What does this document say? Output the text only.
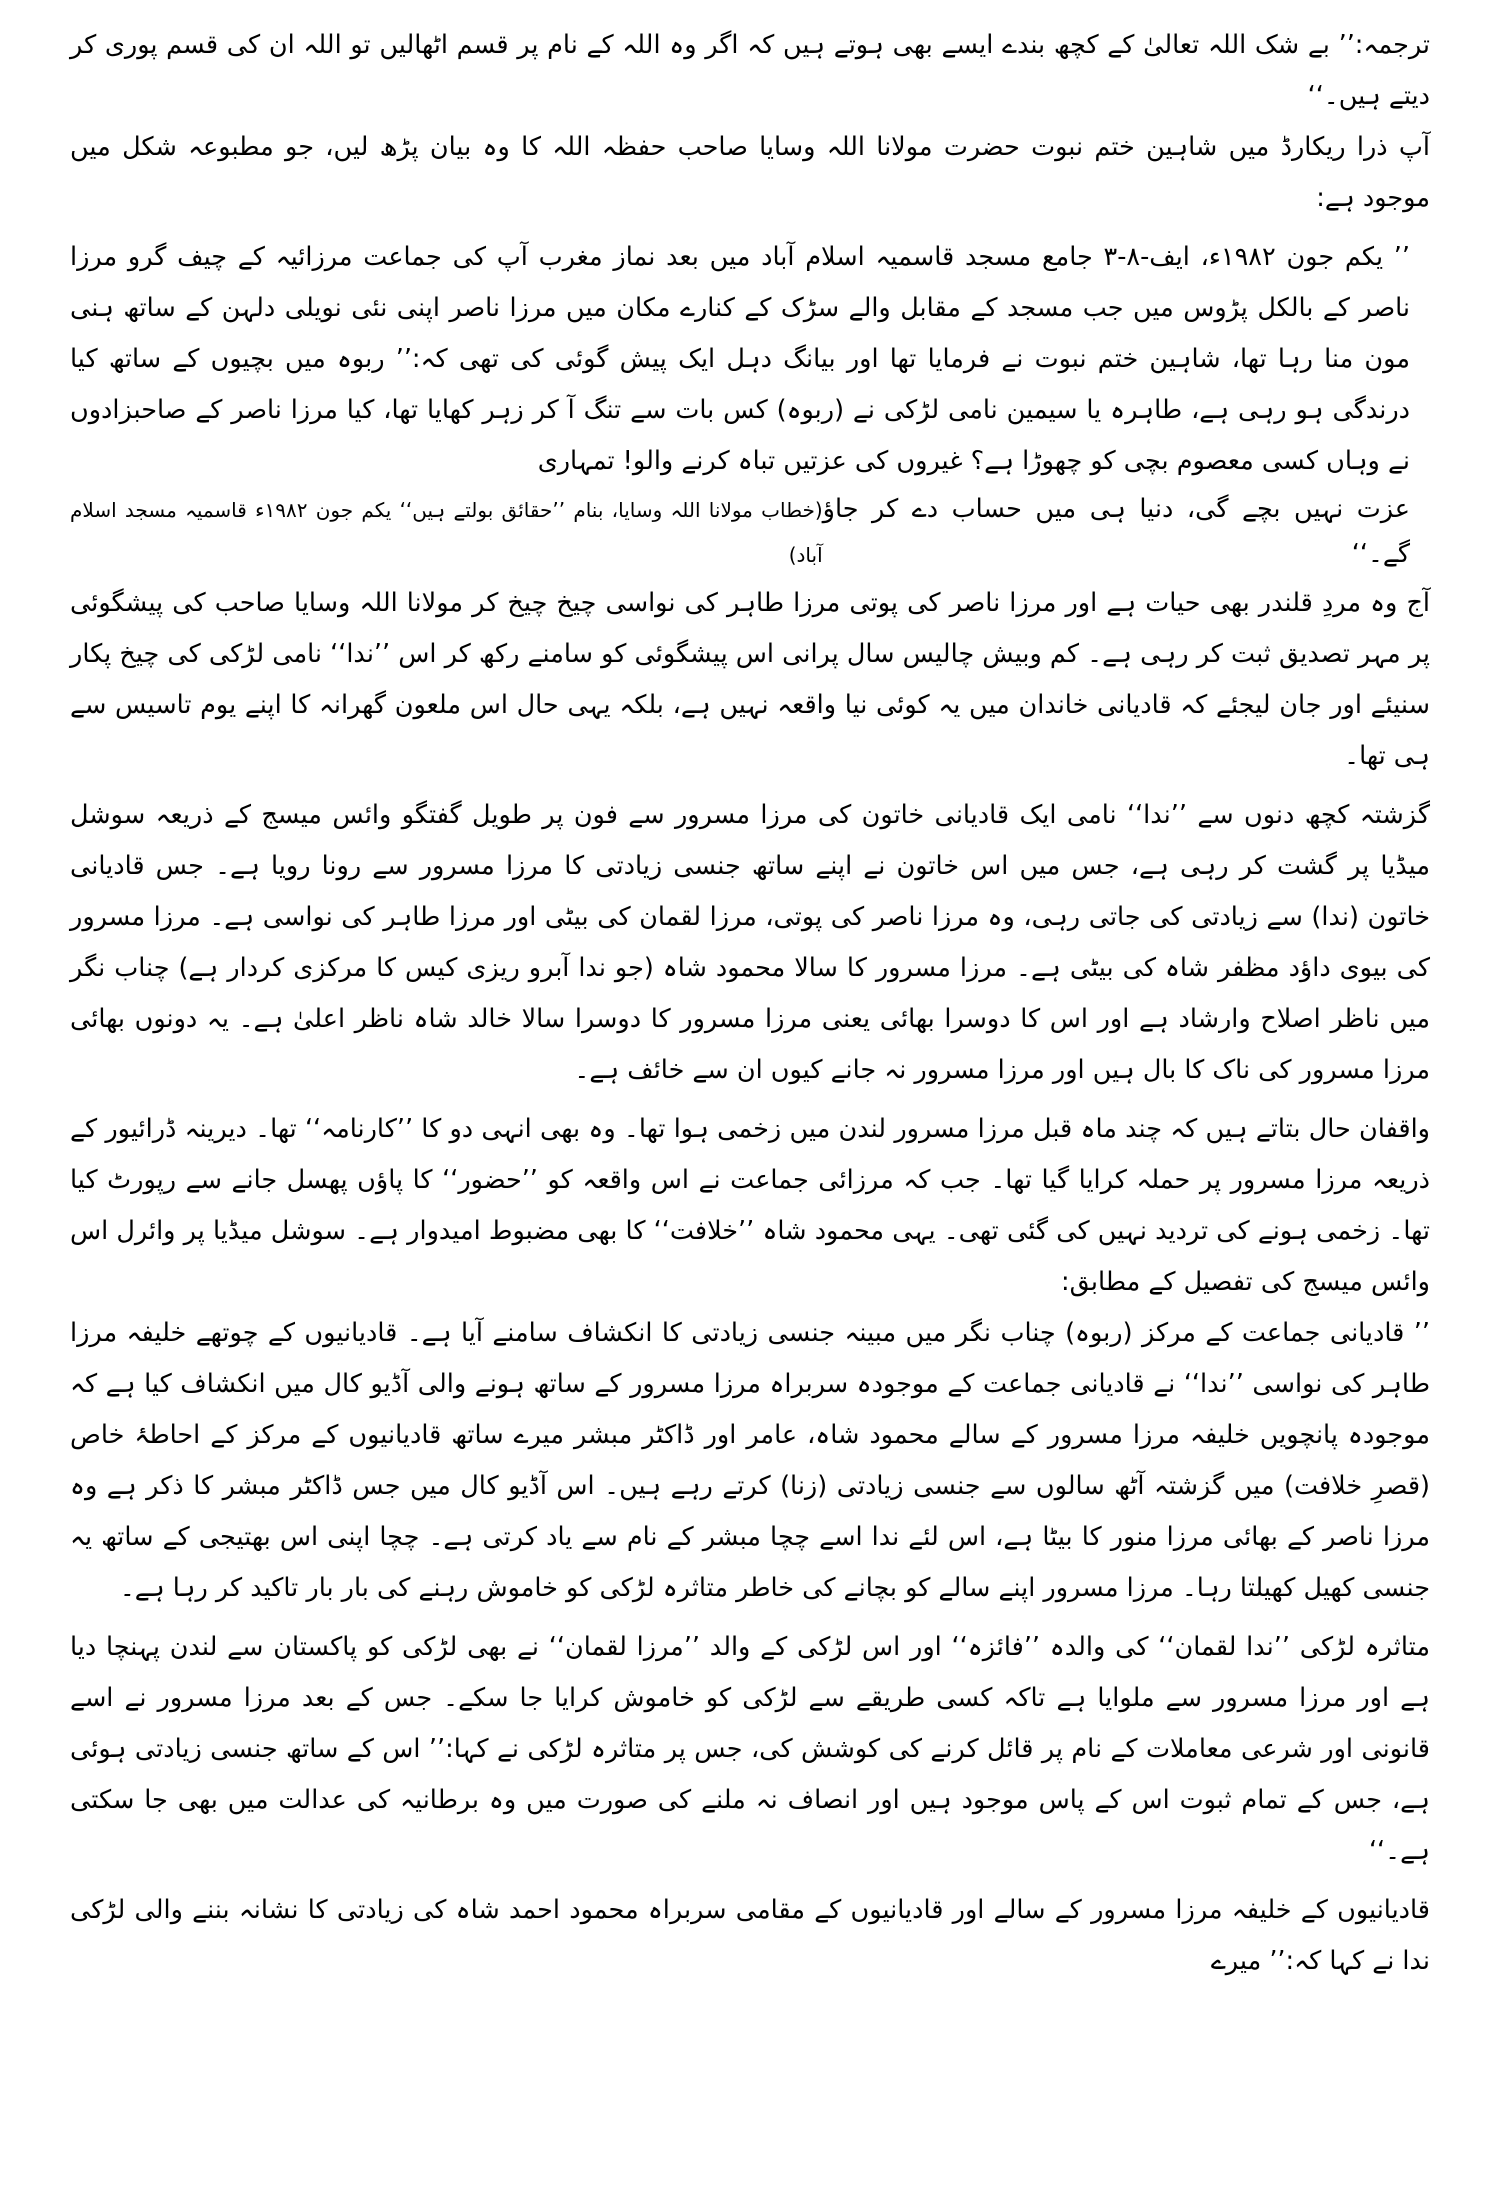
ترجمہ:’’ بے شک اللہ تعالیٰ کے کچھ بندے ایسے بھی ہوتے ہیں کہ اگر وہ اللہ کے نام پر قسم اٹھالیں تو اللہ ان کی قسم پوری کر دیتے ہیں۔‘‘

آپ ذرا ریکارڈ میں شاہین ختم نبوت حضرت مولانا اللہ وسایا صاحب حفظہ اللہ کا وہ بیان پڑھ لیں، جو مطبوعہ شکل میں موجود ہے:

’’ یکم جون ۱۹۸۲ء، ایف-۸-۳ جامع مسجد قاسمیہ اسلام آباد میں بعد نماز مغرب آپ کی جماعت مرزائیہ کے چیف گرو مرزا ناصر کے بالکل پڑوس میں جب مسجد کے مقابل والے سڑک کے کنارے مکان میں مرزا ناصر اپنی نئی نویلی دلہن کے ساتھ ہنی مون منا رہا تھا، شاہین ختم نبوت نے فرمایا تھا اور بیانگ دہل ایک پیش گوئی کی تھی کہ:’’ ربوہ میں بچیوں کے ساتھ کیا درندگی ہو رہی ہے، طاہرہ یا سیمین نامی لڑکی نے (ربوہ) کس بات سے تنگ آ کر زہر کھایا تھا، کیا مرزا ناصر کے صاحبزادوں نے وہاں کسی معصوم بچی کو چھوڑا ہے؟ غیروں کی عزتیں تباہ کرنے والو! تمہاری

عزت نہیں بچے گی، دنیا ہی میں حساب دے کر جاؤ گے۔‘‘
(خطاب مولانا اللہ وسایا، بنام ’’حقائق بولتے ہیں‘‘ یکم جون ۱۹۸۲ء قاسمیہ مسجد اسلام آباد)

آج وہ مردِ قلندر بھی حیات ہے اور مرزا ناصر کی پوتی مرزا طاہر کی نواسی چیخ چیخ کر مولانا اللہ وسایا صاحب کی پیشگوئی پر مہر تصدیق ثبت کر رہی ہے۔ کم وبیش چالیس سال پرانی اس پیشگوئی کو سامنے رکھ کر اس ’’ندا‘‘ نامی لڑکی کی چیخ پکار سنیئے اور جان لیجئے کہ قادیانی خاندان میں یہ کوئی نیا واقعہ نہیں ہے، بلکہ یہی حال اس ملعون گھرانہ کا اپنے یوم تاسیس سے ہی تھا۔

گزشتہ کچھ دنوں سے ’’ندا‘‘ نامی ایک قادیانی خاتون کی مرزا مسرور سے فون پر طویل گفتگو وائس میسج کے ذریعہ سوشل میڈیا پر گشت کر رہی ہے، جس میں اس خاتون نے اپنے ساتھ جنسی زیادتی کا مرزا مسرور سے رونا رویا ہے۔ جس قادیانی خاتون (ندا) سے زیادتی کی جاتی رہی، وہ مرزا ناصر کی پوتی، مرزا لقمان کی بیٹی اور مرزا طاہر کی نواسی ہے۔ مرزا مسرور کی بیوی داؤد مظفر شاہ کی بیٹی ہے۔ مرزا مسرور کا سالا محمود شاہ (جو ندا آبرو ریزی کیس کا مرکزی کردار ہے) چناب نگر میں ناظر اصلاح وارشاد ہے اور اس کا دوسرا بھائی یعنی مرزا مسرور کا دوسرا سالا خالد شاہ ناظر اعلیٰ ہے۔ یہ دونوں بھائی مرزا مسرور کی ناک کا بال ہیں اور مرزا مسرور نہ جانے کیوں ان سے خائف ہے۔

واقفان حال بتاتے ہیں کہ چند ماہ قبل مرزا مسرور لندن میں زخمی ہوا تھا۔ وہ بھی انہی دو کا ’’کارنامہ‘‘ تھا۔ دیرینہ ڈرائیور کے ذریعہ مرزا مسرور پر حملہ کرایا گیا تھا۔ جب کہ مرزائی جماعت نے اس واقعہ کو ’’حضور‘‘ کا پاؤں پھسل جانے سے رپورٹ کیا تھا۔ زخمی ہونے کی تردید نہیں کی گئی تھی۔ یہی محمود شاہ ’’خلافت‘‘ کا بھی مضبوط امیدوار ہے۔ سوشل میڈیا پر وائرل اس وائس میسج کی تفصیل کے مطابق:

’’ قادیانی جماعت کے مرکز (ربوہ) چناب نگر میں مبینہ جنسی زیادتی کا انکشاف سامنے آیا ہے۔ قادیانیوں کے چوتھے خلیفہ مرزا طاہر کی نواسی ’’ندا‘‘ نے قادیانی جماعت کے موجودہ سربراہ مرزا مسرور کے ساتھ ہونے والی آڈیو کال میں انکشاف کیا ہے کہ موجودہ پانچویں خلیفہ مرزا مسرور کے سالے محمود شاہ، عامر اور ڈاکٹر مبشر میرے ساتھ قادیانیوں کے مرکز کے احاطۂ خاص (قصرِ خلافت) میں گزشتہ آٹھ سالوں سے جنسی زیادتی (زنا) کرتے رہے ہیں۔ اس آڈیو کال میں جس ڈاکٹر مبشر کا ذکر ہے وہ مرزا ناصر کے بھائی مرزا منور کا بیٹا ہے، اس لئے ندا اسے چچا مبشر کے نام سے یاد کرتی ہے۔ چچا اپنی اس بھتیجی کے ساتھ یہ جنسی کھیل کھیلتا رہا۔ مرزا مسرور اپنے سالے کو بچانے کی خاطر متاثرہ لڑکی کو خاموش رہنے کی بار بار تاکید کر رہا ہے۔

متاثرہ لڑکی ’’ندا لقمان‘‘ کی والدہ ’’فائزہ‘‘ اور اس لڑکی کے والد ’’مرزا لقمان‘‘ نے بھی لڑکی کو پاکستان سے لندن پہنچا دیا ہے اور مرزا مسرور سے ملوایا ہے تاکہ کسی طریقے سے لڑکی کو خاموش کرایا جا سکے۔ جس کے بعد مرزا مسرور نے اسے قانونی اور شرعی معاملات کے نام پر قائل کرنے کی کوشش کی، جس پر متاثرہ لڑکی نے کہا:’’ اس کے ساتھ جنسی زیادتی ہوئی ہے، جس کے تمام ثبوت اس کے پاس موجود ہیں اور انصاف نہ ملنے کی صورت میں وہ برطانیہ کی عدالت میں بھی جا سکتی ہے۔‘‘

قادیانیوں کے خلیفہ مرزا مسرور کے سالے اور قادیانیوں کے مقامی سربراہ محمود احمد شاہ کی زیادتی کا نشانہ بننے والی لڑکی ندا نے کہا کہ:’’ میرے
